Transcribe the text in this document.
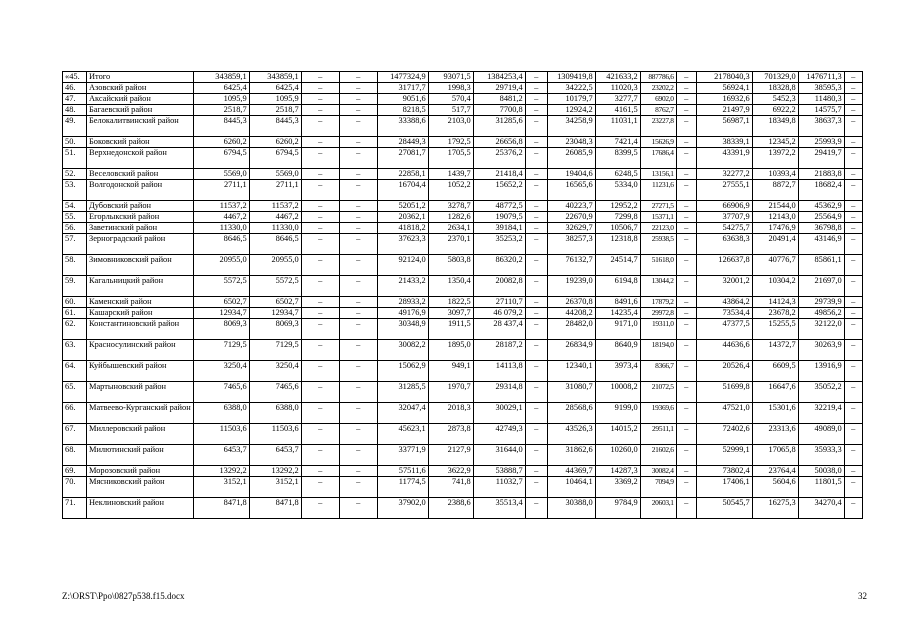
«45.	Итого	343859,1	343859,1	–	–	1477324,9	93071,5	1384253,4	–	1309419,8	421633,2	887786,6	–	2178040,3	701329,0	1476711,3	–
46.	Азовский район	6425,4	6425,4	–	–	31717,7	1998,3	29719,4	–	34222,5	11020,3	23202,2	–	56924,1	18328,8	38595,3	–
47.	Аксайский район	1095,9	1095,9	–	–	9051,6	570,4	8481,2	–	10179,7	3277,7	6902,0	–	16932,6	5452,3	11480,3	–
48.	Багаевский район	2518,7	2518,7	–	–	8218,5	517,7	7700,8	–	12924,2	4161,5	8762,7	–	21497,9	6922,2	14575,7	–
49.	Белокалитвинский район	8445,3	8445,3	–	–	33388,6	2103,0	31285,6	–	34258,9	11031,1	23227,8	–	56987,1	18349,8	38637,3	–
50.	Боковский район	6260,2	6260,2	–	–	28449,3	1792,5	26656,8	–	23048,3	7421,4	15626,9	–	38339,1	12345,2	25993,9	–
51.	Верхнедонской район	6794,5	6794,5	–	–	27081,7	1705,5	25376,2	–	26085,9	8399,5	17686,4	–	43391,9	13972,2	29419,7	–
52.	Веселовский район	5569,0	5569,0	–	–	22858,1	1439,7	21418,4	–	19404,6	6248,5	13156,1	–	32277,2	10393,4	21883,8	–
53.	Волгодонской район	2711,1	2711,1	–	–	16704,4	1052,2	15652,2	–	16565,6	5334,0	11231,6	–	27555,1	8872,7	18682,4	–
54.	Дубовский район	11537,2	11537,2	–	–	52051,2	3278,7	48772,5	–	40223,7	12952,2	27271,5	–	66906,9	21544,0	45362,9	–
55.	Егорлыкский район	4467,2	4467,2	–	–	20362,1	1282,6	19079,5	–	22670,9	7299,8	15371,1	–	37707,9	12143,0	25564,9	–
56.	Заветинский район	11330,0	11330,0	–	–	41818,2	2634,1	39184,1	–	32629,7	10506,7	22123,0	–	54275,7	17476,9	36798,8	–
57.	Зерноградский район	8646,5	8646,5	–	–	37623,3	2370,1	35253,2	–	38257,3	12318,8	25938,5	–	63638,3	20491,4	43146,9	–
58.	Зимовниковский район	20955,0	20955,0	–	–	92124,0	5803,8	86320,2	–	76132,7	24514,7	51618,0	–	126637,8	40776,7	85861,1	–
59.	Кагальницкий район	5572,5	5572,5	–	–	21433,2	1350,4	20082,8	–	19239,0	6194,8	13044,2	–	32001,2	10304,2	21697,0	–
60.	Каменский район	6502,7	6502,7	–	–	28933,2	1822,5	27110,7	–	26370,8	8491,6	17879,2	–	43864,2	14124,3	29739,9	–
61.	Кашарский район	12934,7	12934,7	–	–	49176,9	3097,7	46 079,2	–	44208,2	14235,4	29972,8	–	73534,4	23678,2	49856,2	–
62.	Константиновский район	8069,3	8069,3	–	–	30348,9	1911,5	28 437,4	–	28482,0	9171,0	19311,0	–	47377,5	15255,5	32122,0	–
63.	Красносулинский район	7129,5	7129,5	–	–	30082,2	1895,0	28187,2	–	26834,9	8640,9	18194,0	–	44636,6	14372,7	30263,9	–
64.	Куйбышевский район	3250,4	3250,4	–	–	15062,9	949,1	14113,8	–	12340,1	3973,4	8366,7	–	20526,4	6609,5	13916,9	–
65.	Мартыновский район	7465,6	7465,6	–	–	31285,5	1970,7	29314,8	–	31080,7	10008,2	21072,5	–	51699,8	16647,6	35052,2	–
66.	Матвеево-Курганский район	6388,0	6388,0	–	–	32047,4	2018,3	30029,1	–	28568,6	9199,0	19369,6	–	47521,0	15301,6	32219,4	–
67.	Миллеровский район	11503,6	11503,6	–	–	45623,1	2873,8	42749,3	–	43526,3	14015,2	29511,1	–	72402,6	23313,6	49089,0	–
68.	Милютинский район	6453,7	6453,7	–	–	33771,9	2127,9	31644,0	–	31862,6	10260,0	21602,6	–	52999,1	17065,8	35933,3	–
69.	Морозовский район	13292,2	13292,2	–	–	57511,6	3622,9	53888,7	–	44369,7	14287,3	30082,4	–	73802,4	23764,4	50038,0	–
70.	Мясниковский район	3152,1	3152,1	–	–	11774,5	741,8	11032,7	–	10464,1	3369,2	7094,9	–	17406,1	5604,6	11801,5	–
71.	Неклиновский район	8471,8	8471,8	–	–	37902,0	2388,6	35513,4	–	30388,0	9784,9	20603,1	–	50545,7	16275,3	34270,4	–
Z:\ORST\Ppo\0827p538.f15.docx	32
